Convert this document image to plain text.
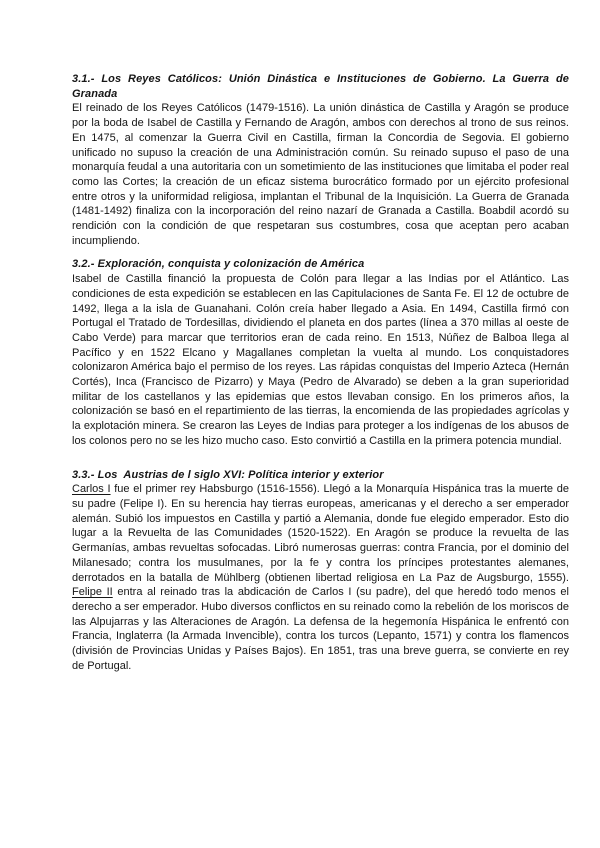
3.1.- Los Reyes Católicos: Unión Dinástica e Instituciones de Gobierno. La Guerra de Granada

El reinado de los Reyes Católicos (1479-1516). La unión dinástica de Castilla y Aragón se produce por la boda de Isabel de Castilla y Fernando de Aragón, ambos con derechos al trono de sus reinos. En 1475, al comenzar la Guerra Civil en Castilla, firman la Concordia de Segovia. El gobierno unificado no supuso la creación de una Administración común. Su reinado supuso el paso de una monarquía feudal a una autoritaria con un sometimiento de las instituciones que limitaba el poder real como las Cortes; la creación de un eficaz sistema burocrático formado por un ejército profesional entre otros y la uniformidad religiosa, implantan el Tribunal de la Inquisición. La Guerra de Granada (1481-1492) finaliza con la incorporación del reino nazarí de Granada a Castilla. Boabdil acordó su rendición con la condición de que respetaran sus costumbres, cosa que aceptan pero acaban incumpliendo.

3.2.- Exploración, conquista y colonización de América

Isabel de Castilla financió la propuesta de Colón para llegar a las Indias por el Atlántico. Las condiciones de esta expedición se establecen en las Capitulaciones de Santa Fe. El 12 de octubre de 1492, llega a la isla de Guanahani. Colón creía haber llegado a Asia. En 1494, Castilla firmó con Portugal el Tratado de Tordesillas, dividiendo el planeta en dos partes (línea a 370 millas al oeste de Cabo Verde) para marcar que territorios eran de cada reino. En 1513, Núñez de Balboa llega al Pacífico y en 1522 Elcano y Magallanes completan la vuelta al mundo. Los conquistadores colonizaron América bajo el permiso de los reyes. Las rápidas conquistas del Imperio Azteca (Hernán Cortés), Inca (Francisco de Pizarro) y Maya (Pedro de Alvarado) se deben a la gran superioridad militar de los castellanos y las epidemias que estos llevaban consigo. En los primeros años, la colonización se basó en el repartimiento de las tierras, la encomienda de las propiedades agrícolas y la explotación minera. Se crearon las Leyes de Indias para proteger a los indígenas de los abusos de los colonos pero no se les hizo mucho caso. Esto convirtió a Castilla en la primera potencia mundial.

3.3.- Los  Austrias de l siglo XVI: Política interior y exterior

Carlos I fue el primer rey Habsburgo (1516-1556). Llegó a la Monarquía Hispánica tras la muerte de su padre (Felipe I). En su herencia hay tierras europeas, americanas y el derecho a ser emperador alemán. Subió los impuestos en Castilla y partió a Alemania, donde fue elegido emperador. Esto dio lugar a la Revuelta de las Comunidades (1520-1522). En Aragón se produce la revuelta de las Germanías, ambas revueltas sofocadas. Libró numerosas guerras: contra Francia, por el dominio del Milanesado; contra los musulmanes, por la fe y contra los príncipes protestantes alemanes, derrotados en la batalla de Mühlberg (obtienen libertad religiosa en La Paz de Augsburgo, 1555). Felipe II entra al reinado tras la abdicación de Carlos I (su padre), del que heredó todo menos el derecho a ser emperador. Hubo diversos conflictos en su reinado como la rebelión de los moriscos de las Alpujarras y las Alteraciones de Aragón. La defensa de la hegemonía Hispánica le enfrentó con Francia, Inglaterra (la Armada Invencible), contra los turcos (Lepanto, 1571) y contra los flamencos (división de Provincias Unidas y Países Bajos). En 1851, tras una breve guerra, se convierte en rey de Portugal.
